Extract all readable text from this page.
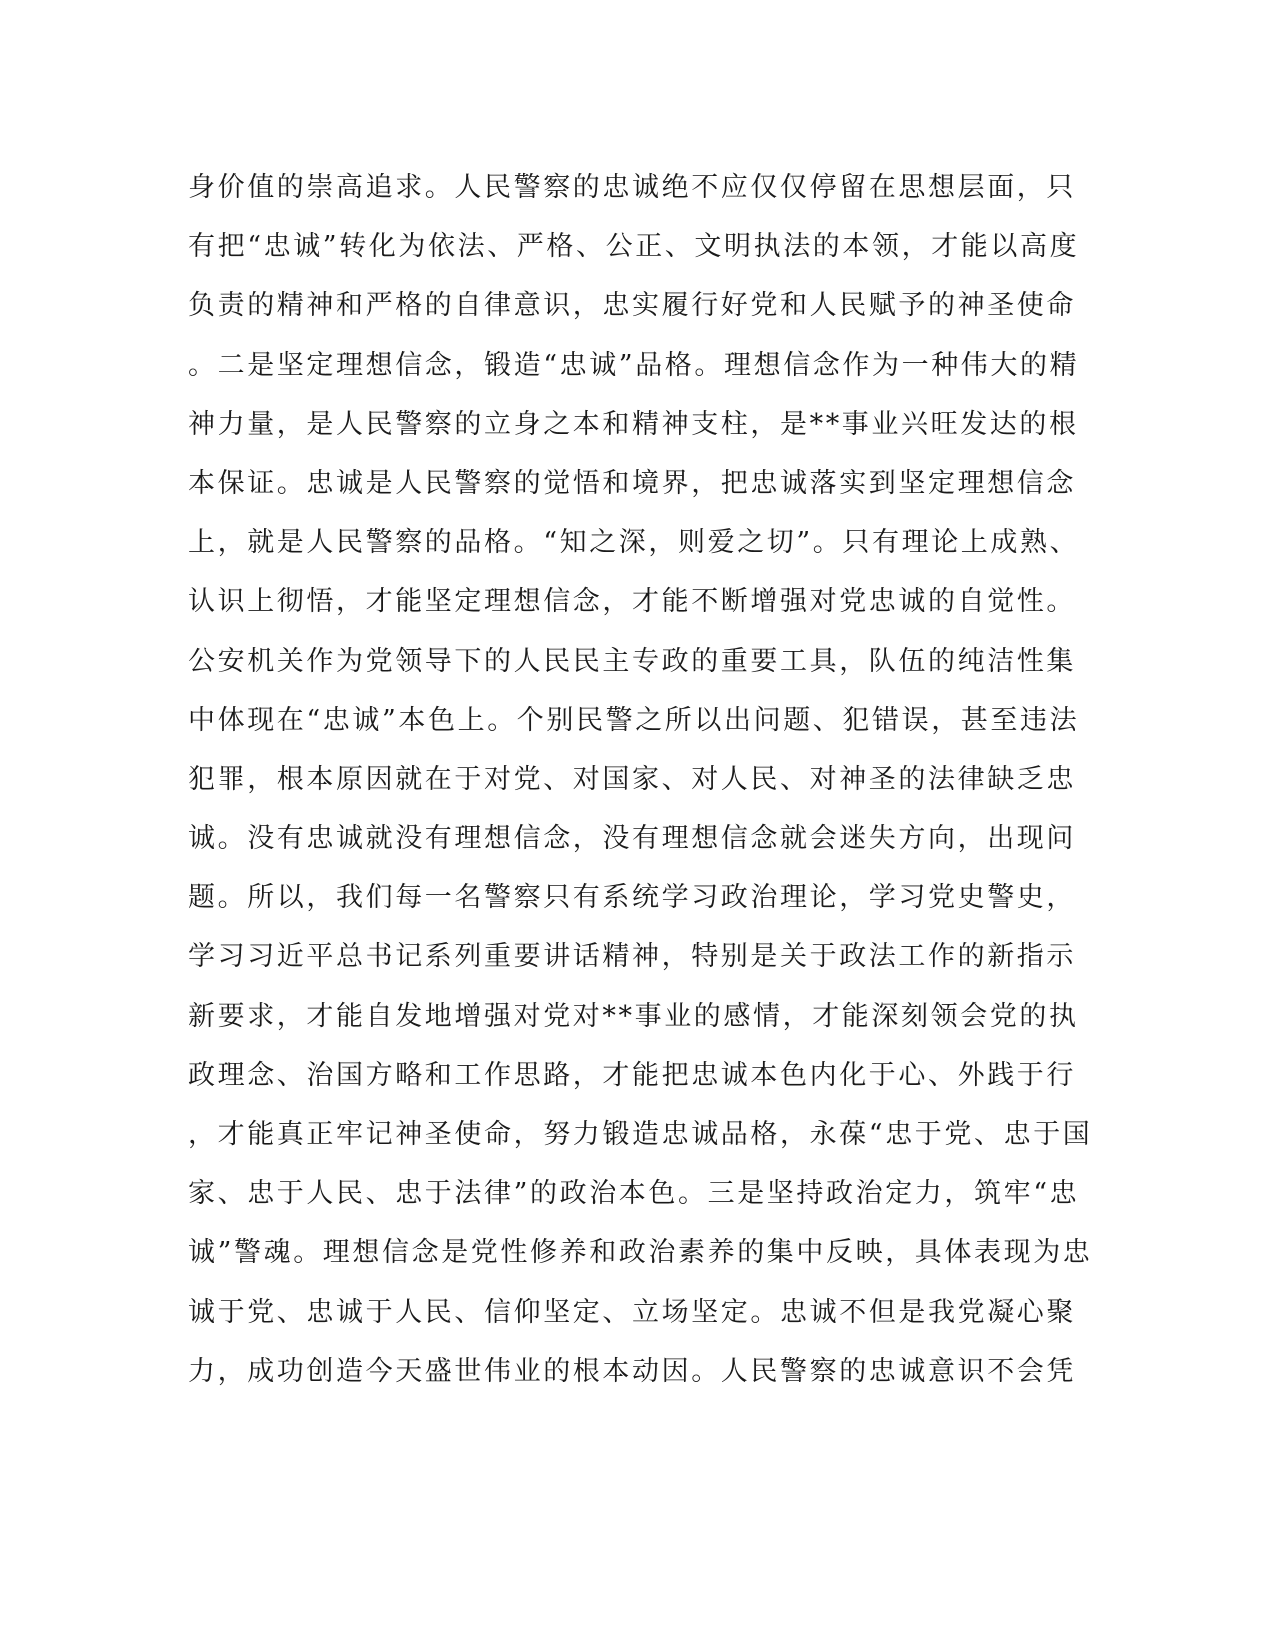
身价值的崇高追求。人民警察的忠诚绝不应仅仅停留在思想层面，只
有把“忠诚”转化为依法、严格、公正、文明执法的本领，才能以高度
负责的精神和严格的自律意识，忠实履行好党和人民赋予的神圣使命
。二是坚定理想信念，锻造“忠诚”品格。理想信念作为一种伟大的精
神力量，是人民警察的立身之本和精神支柱，是**事业兴旺发达的根
本保证。忠诚是人民警察的觉悟和境界，把忠诚落实到坚定理想信念
上，就是人民警察的品格。“知之深，则爱之切”。只有理论上成熟、
认识上彻悟，才能坚定理想信念，才能不断增强对党忠诚的自觉性。
公安机关作为党领导下的人民民主专政的重要工具，队伍的纯洁性集
中体现在“忠诚”本色上。个别民警之所以出问题、犯错误，甚至违法
犯罪，根本原因就在于对党、对国家、对人民、对神圣的法律缺乏忠
诚。没有忠诚就没有理想信念，没有理想信念就会迷失方向，出现问
题。所以，我们每一名警察只有系统学习政治理论，学习党史警史，
学习习近平总书记系列重要讲话精神，特别是关于政法工作的新指示
新要求，才能自发地增强对党对**事业的感情，才能深刻领会党的执
政理念、治国方略和工作思路，才能把忠诚本色内化于心、外践于行
，才能真正牢记神圣使命，努力锻造忠诚品格，永葆“忠于党、忠于国
家、忠于人民、忠于法律”的政治本色。三是坚持政治定力，筑牢“忠
诚”警魂。理想信念是党性修养和政治素养的集中反映，具体表现为忠
诚于党、忠诚于人民、信仰坚定、立场坚定。忠诚不但是我党凝心聚
力，成功创造今天盛世伟业的根本动因。人民警察的忠诚意识不会凭
